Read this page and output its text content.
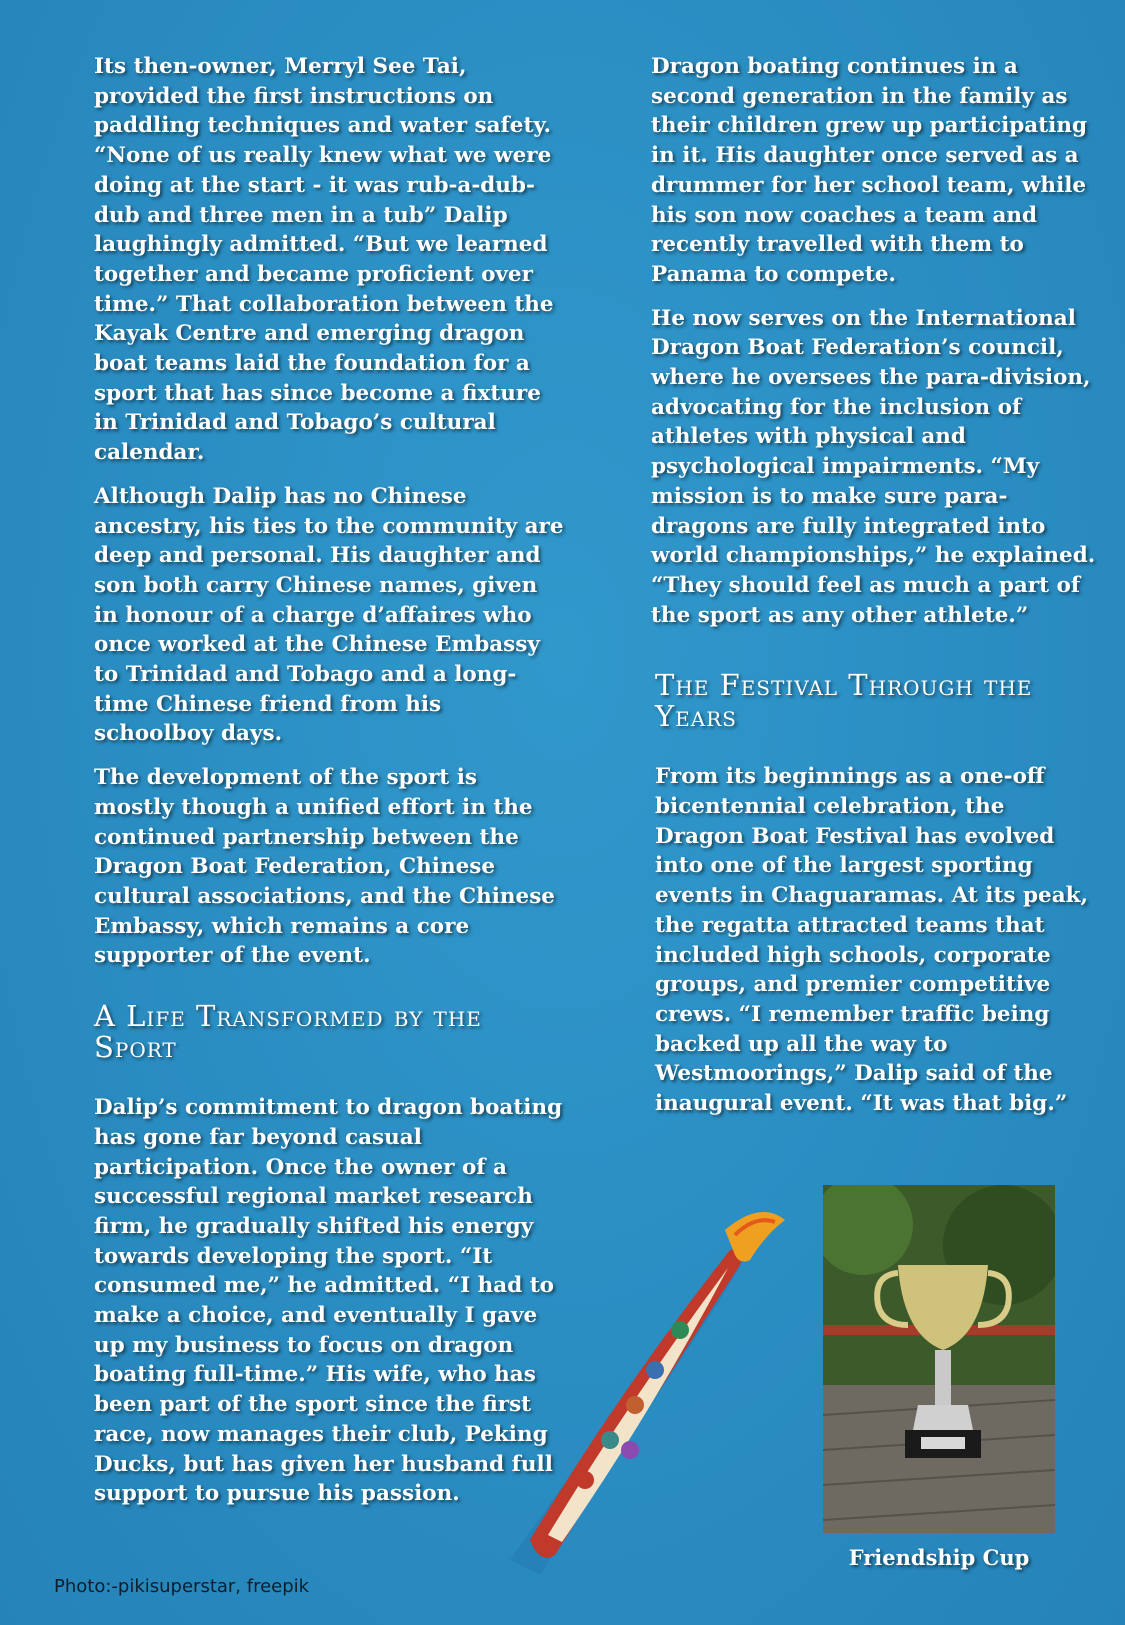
Its then-owner, Merryl See Tai, provided the first instructions on paddling techniques and water safety. “None of us really knew what we were doing at the start - it was rub-a-dub-dub and three men in a tub” Dalip laughingly admitted. “But we learned together and became proficient over time.” That collaboration between the Kayak Centre and emerging dragon boat teams laid the foundation for a sport that has since become a fixture in Trinidad and Tobago’s cultural calendar.

Although Dalip has no Chinese ancestry, his ties to the community are deep and personal. His daughter and son both carry Chinese names, given in honour of a charge d’affaires who once worked at the Chinese Embassy to Trinidad and Tobago and a long-time Chinese friend from his schoolboy days.

The development of the sport is mostly though a unified effort in the continued partnership between the Dragon Boat Federation, Chinese cultural associations, and the Chinese Embassy, which remains a core supporter of the event.

A Life Transformed by the Sport

Dalip’s commitment to dragon boating has gone far beyond casual participation. Once the owner of a successful regional market research firm, he gradually shifted his energy towards developing the sport. “It consumed me,” he admitted. “I had to make a choice, and eventually I gave up my business to focus on dragon boating full-time.” His wife, who has been part of the sport since the first race, now manages their club, Peking Ducks, but has given her husband full support to pursue his passion.

Dragon boating continues in a second generation in the family as their children grew up participating in it. His daughter once served as a drummer for her school team, while his son now coaches a team and recently travelled with them to Panama to compete.

He now serves on the International Dragon Boat Federation’s council, where he oversees the para-division, advocating for the inclusion of athletes with physical and psychological impairments. “My mission is to make sure para-dragons are fully integrated into world championships,” he explained. “They should feel as much a part of the sport as any other athlete.”

The Festival Through the Years

From its beginnings as a one-off bicentennial celebration, the Dragon Boat Festival has evolved into one of the largest sporting events in Chaguaramas. At its peak, the regatta attracted teams that included high schools, corporate groups, and premier competitive crews. “I remember traffic being backed up all the way to Westmoorings,” Dalip said of the inaugural event. “It was that big.”

Friendship Cup
Photo:-pikisuperstar, freepik
